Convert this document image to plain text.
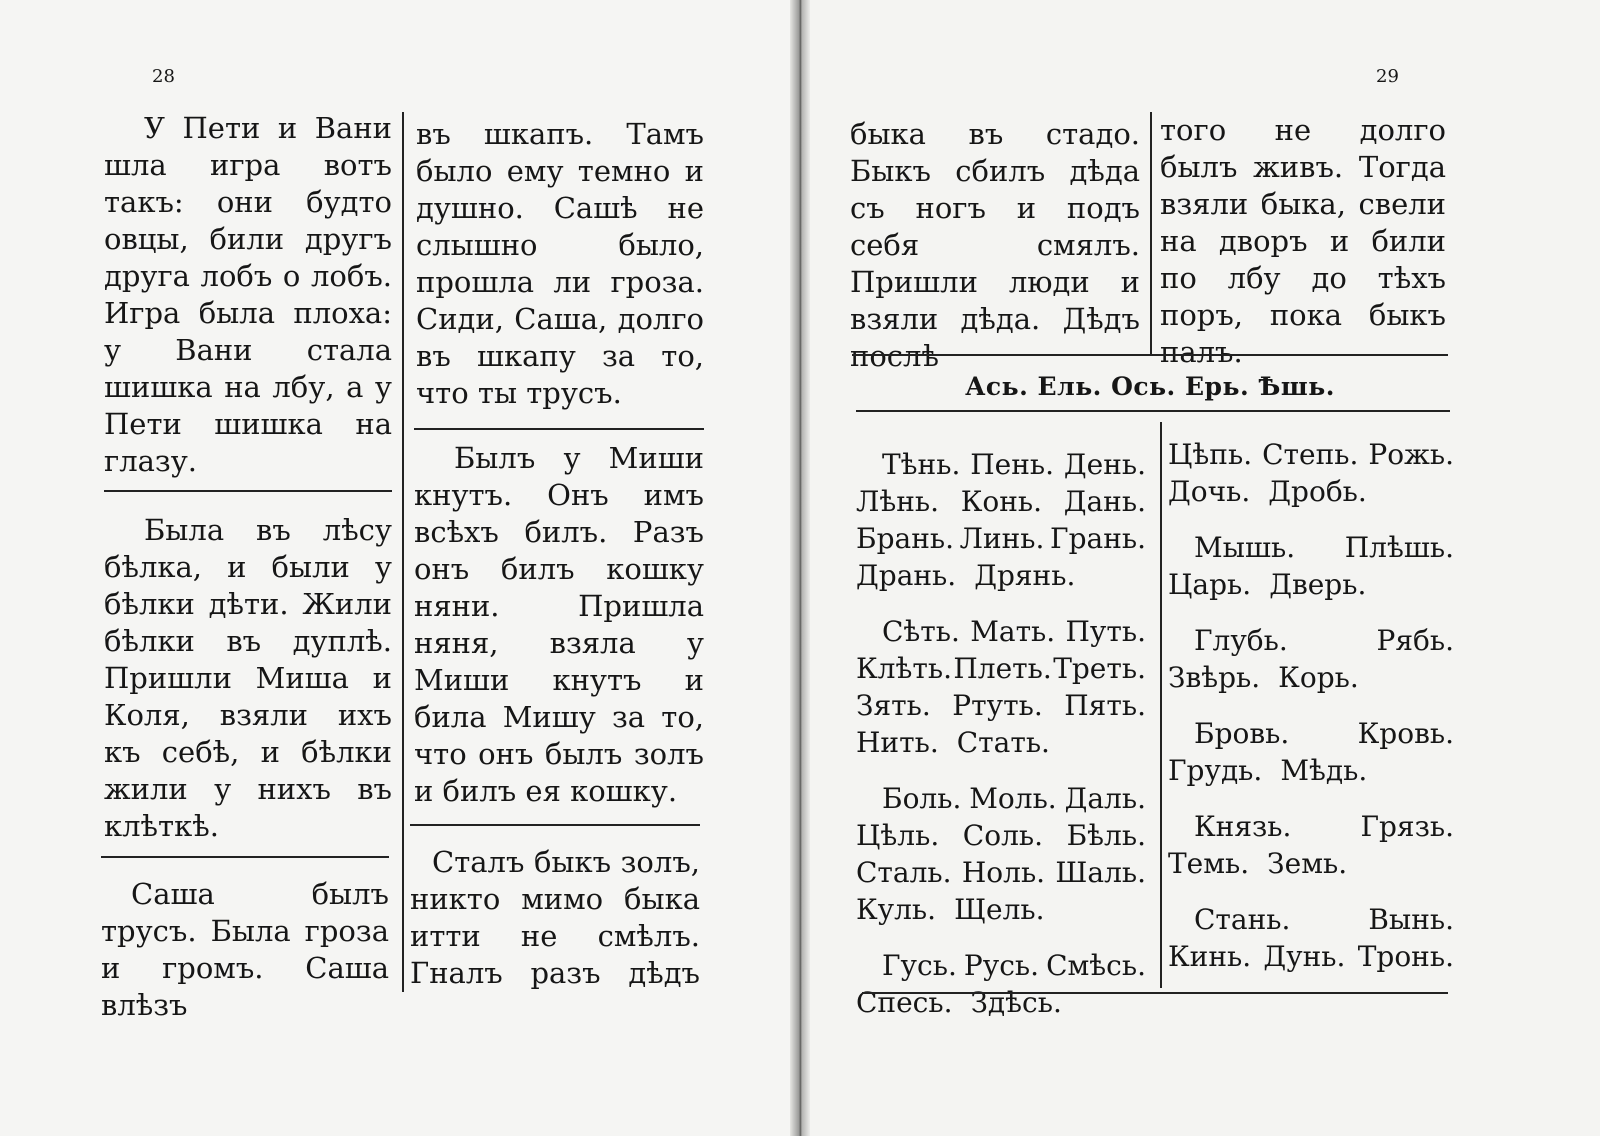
28

У Пети и Вани шла игра вотъ такъ: они будто овцы, били другъ друга лобъ о лобъ. Игра была плоха: у Вани стала шишка на лбу, а у Пети шишка на глазу.

Была въ лѣсу бѣлка, и были у бѣлки дѣти. Жили бѣлки въ дуплѣ. Пришли Миша и Коля, взяли ихъ къ себѣ, и бѣлки жили у нихъ въ клѣткѣ.

Саша былъ трусъ. Была гроза и громъ. Саша влѣзъ

въ шкапъ. Тамъ было ему темно и душно. Сашѣ не слышно было, прошла ли гроза. Сиди, Саша, долго въ шкапу за то, что ты трусъ.

Былъ у Миши кнутъ. Онъ имъ всѣхъ билъ. Разъ онъ билъ кошку няни. Пришла няня, взяла у Миши кнутъ и била Мишу за то, что онъ былъ золъ и билъ ея кошку.

Сталъ быкъ золъ, никто мимо быка итти не смѣлъ. Гналъ разъ дѣдъ

29

быка въ стадо. Быкъ сбилъ дѣда съ ногъ и подъ себя смялъ. Пришли люди и взяли дѣда. Дѣдъ послѣ

того не долго былъ живъ. Тогда взяли быка, свели на дворъ и били по лбу до тѣхъ поръ, пока быкъ палъ.

Ась. Ель. Ось. Ерь. Ѣшь.
Тѣнь. Пень. День.
Лѣнь. Конь. Дань.
Брань. Линь. Грань.
Дрань. Дрянь.
Сѣть. Мать. Путь.
Клѣть. Плеть. Треть.
Зять. Ртуть. Пять.
Нить. Стать.
Боль. Моль. Даль.
Цѣль. Соль. Бѣль.
Сталь. Ноль. Шаль.
Куль. Щель.
Гусь. Русь. Смѣсь.
Спесь. Здѣсь.
Цѣпь. Степь. Рожь.
Дочь. Дробь.
Мышь. Плѣшь.
Царь. Дверь.
Глубь.	Рябь.
Звѣрь. Корь.
Бровь. Кровь.
Грудь. Мѣдь.
Князь. Грязь.
Темь. Земь.
Стань.	Вынь.
Кинь. Дунь. Тронь.
